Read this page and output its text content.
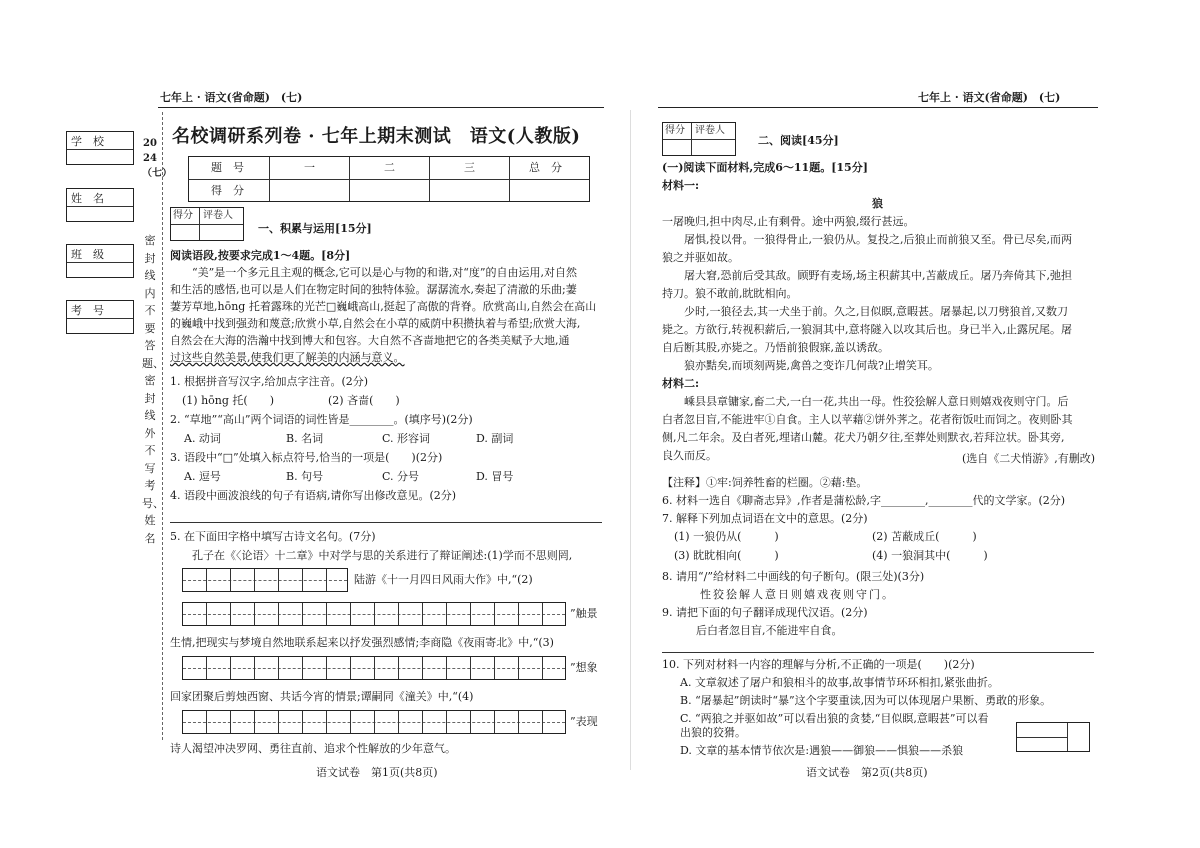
七年上 · 语文(省命题)　(七)
学　校
姓　名
班　级
考　号
2024（七）
密封线内不要答题、密封线外不写考号、姓名
名校调研系列卷 · 七年上期末测试　语文(人教版)
题　号	一	二	三	总　分
得　分
得分 评卷人
一、积累与运用[15分]
阅读语段,按要求完成1～4题。[8分]
　　“美”是一个多元且主观的概念,它可以是心与物的和谐,对“度”的自由运用,对自然
和生活的感悟,也可以是人们在物定时间的独特体验。潺潺流水,奏起了清澈的乐曲;萋
萋芳草地,hōng 托着露珠的光芒□巍峨高山,挺起了高傲的背脊。欣赏高山,自然会在高山
的巍峨中找到强劲和蔑意;欣赏小草,自然会在小草的威荫中积攒执着与希望;欣赏大海,
自然会在大海的浩瀚中找到博大和包容。大自然不吝啬地把它的各类美赋予大地,通
过这些自然美景,使我们更了解美的内涵与意义。
1. 根据拼音写汉字,给加点字注音。(2分)
(1) hōng 托(　　)	(2) 吝啬(　　)
2. “草地”“高山”两个词语的词性皆是________。(填序号)(2分)
A. 动词	B. 名词	C. 形容词	D. 副词
3. 语段中“□”处填入标点符号,恰当的一项是(　　)(2分)
A. 逗号	B. 句号	C. 分号	D. 冒号
4. 语段中画波浪线的句子有语病,请你写出修改意见。(2分)
5. 在下面田字格中填写古诗文名句。(7分)
　　孔子在《〈论语〉十二章》中对学与思的关系进行了辩证阐述:(1)学而不思则罔,
陆游《十一月四日风雨大作》中,“(2)
”触景
生情,把现实与梦境自然地联系起来以抒发强烈感情;李商隐《夜雨寄北》中,“(3)
”想象
回家团聚后剪烛西窗、共话今宵的情景;谭嗣同《潼关》中,“(4)
”表现
诗人渴望冲决罗网、勇往直前、追求个性解放的少年意气。
语文试卷　第1页(共8页)
七年上 · 语文(省命题)　(七)
得分 评卷人
二、阅读[45分]
(一)阅读下面材料,完成6～11题。[15分]
材料一:
狼
一屠晚归,担中肉尽,止有剩骨。途中两狼,缀行甚远。
　　屠惧,投以骨。一狼得骨止,一狼仍从。复投之,后狼止而前狼又至。骨已尽矣,而两
狼之并驱如故。
　　屠大窘,恐前后受其敌。顾野有麦场,场主积薪其中,苫蔽成丘。屠乃奔倚其下,弛担
持刀。狼不敢前,眈眈相向。
　　少时,一狼径去,其一犬坐于前。久之,目似瞑,意暇甚。屠暴起,以刀劈狼首,又数刀
毙之。方欲行,转视积薪后,一狼洞其中,意将隧入以攻其后也。身已半入,止露尻尾。屠
自后断其股,亦毙之。乃悟前狼假寐,盖以诱敌。
　　狼亦黠矣,而顷刻两毙,禽兽之变诈几何哉?止增笑耳。
材料二:
　　嵊县县章镛家,畜二犬,一白一花,共出一母。性狡狯解人意日则嬉戏夜则守门。后
白者忽目盲,不能进牢①自食。主人以苹藉②饼外荠之。花者衔饭吐而饲之。夜则卧其
侧,凡二年余。及白者死,埋诸山麓。花犬乃朝夕往,至葬处则默衣,若拜泣状。卧其旁,
良久而反。	(选自《二犬悄游》,有删改)
【注释】①牢:饲养牲畜的栏圈。②藉:垫。
6. 材料一选自《聊斋志异》,作者是蒲松龄,字________,________代的文学家。(2分)
7. 解释下列加点词语在文中的意思。(2分)
(1) 一狼仍从(　　　)	(2) 苫蔽成丘(　　　)
(3) 眈眈相向(　　　)	(4) 一狼洞其中(　　　)
8. 请用“/”给材料二中画线的句子断句。(限三处)(3分)
性狡狯解人意日则嬉戏夜则守门。
9. 请把下面的句子翻译成现代汉语。(2分)
后白者忽目盲,不能进牢自食。
10. 下列对材料一内容的理解与分析,不正确的一项是(　　)(2分)
A. 文章叙述了屠户和狼相斗的故事,故事情节环环相扣,紧张曲折。
B. “屠暴起”朗读时“暴”这个字要重读,因为可以体现屠户果断、勇敢的形象。
C. “两狼之并驱如故”可以看出狼的贪婪,“目似瞑,意暇甚”可以看
出狼的狡猾。
D. 文章的基本情节依次是:遇狼——御狼——惧狼——杀狼
语文试卷　第2页(共8页)
